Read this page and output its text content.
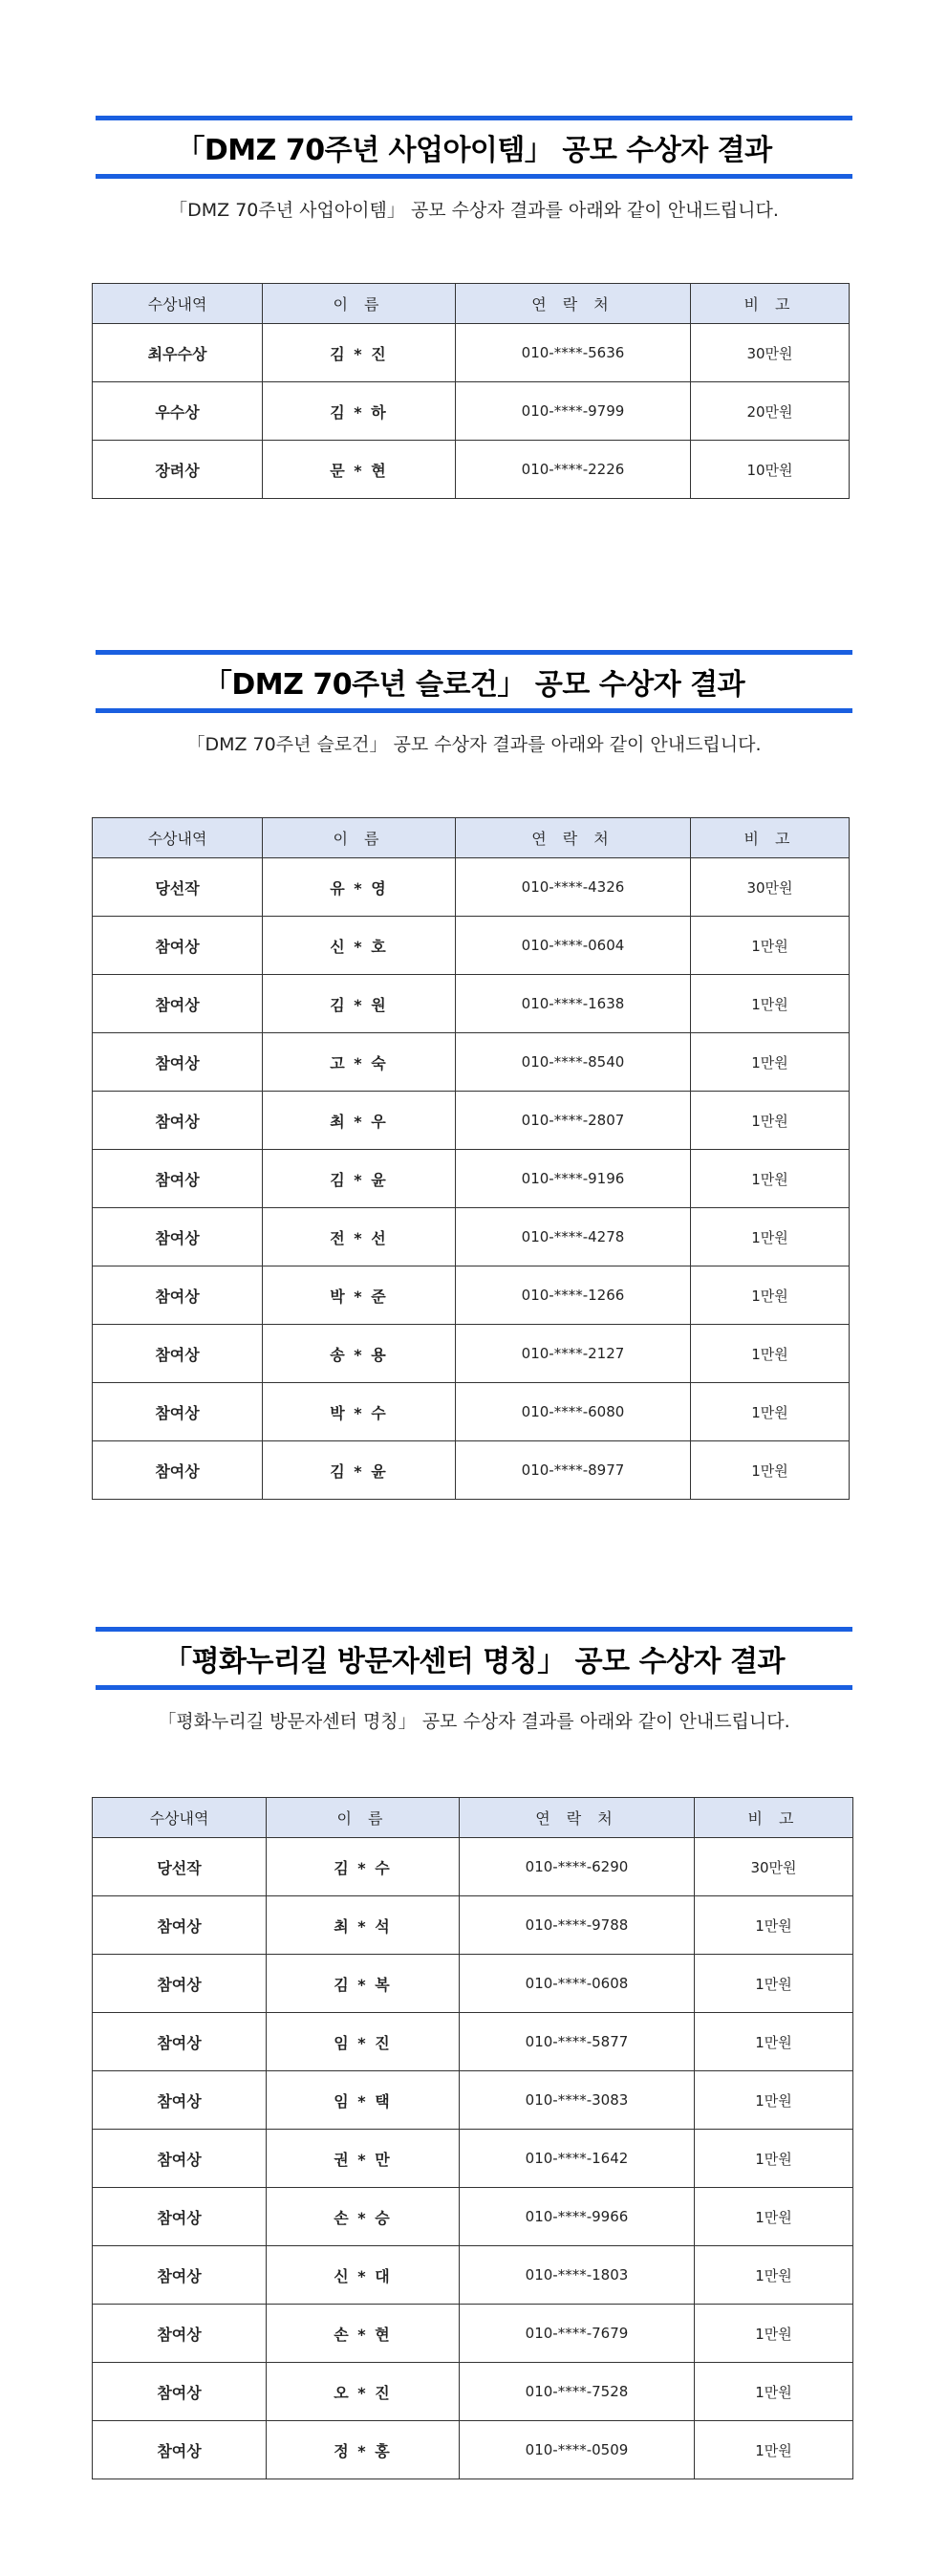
「DMZ 70주년 사업아이템」 공모 수상자 결과
「DMZ 70주년 사업아이템」 공모 수상자 결과를 아래와 같이 안내드립니다.
수상내역	이 름	연 락 처	비 고
최우수상	김 * 진	010-****-5636	30만원
우수상	김 * 하	010-****-9799	20만원
장려상	문 * 현	010-****-2226	10만원
「DMZ 70주년 슬로건」 공모 수상자 결과
「DMZ 70주년 슬로건」 공모 수상자 결과를 아래와 같이 안내드립니다.
수상내역	이 름	연 락 처	비 고
당선작	유 * 영	010-****-4326	30만원
참여상	신 * 호	010-****-0604	1만원
참여상	김 * 원	010-****-1638	1만원
참여상	고 * 숙	010-****-8540	1만원
참여상	최 * 우	010-****-2807	1만원
참여상	김 * 윤	010-****-9196	1만원
참여상	전 * 선	010-****-4278	1만원
참여상	박 * 준	010-****-1266	1만원
참여상	송 * 용	010-****-2127	1만원
참여상	박 * 수	010-****-6080	1만원
참여상	김 * 윤	010-****-8977	1만원
「평화누리길 방문자센터 명칭」 공모 수상자 결과
「평화누리길 방문자센터 명칭」 공모 수상자 결과를 아래와 같이 안내드립니다.
수상내역	이 름	연 락 처	비 고
당선작	김 * 수	010-****-6290	30만원
참여상	최 * 석	010-****-9788	1만원
참여상	김 * 복	010-****-0608	1만원
참여상	임 * 진	010-****-5877	1만원
참여상	임 * 택	010-****-3083	1만원
참여상	권 * 만	010-****-1642	1만원
참여상	손 * 승	010-****-9966	1만원
참여상	신 * 대	010-****-1803	1만원
참여상	손 * 현	010-****-7679	1만원
참여상	오 * 진	010-****-7528	1만원
참여상	정 * 홍	010-****-0509	1만원
